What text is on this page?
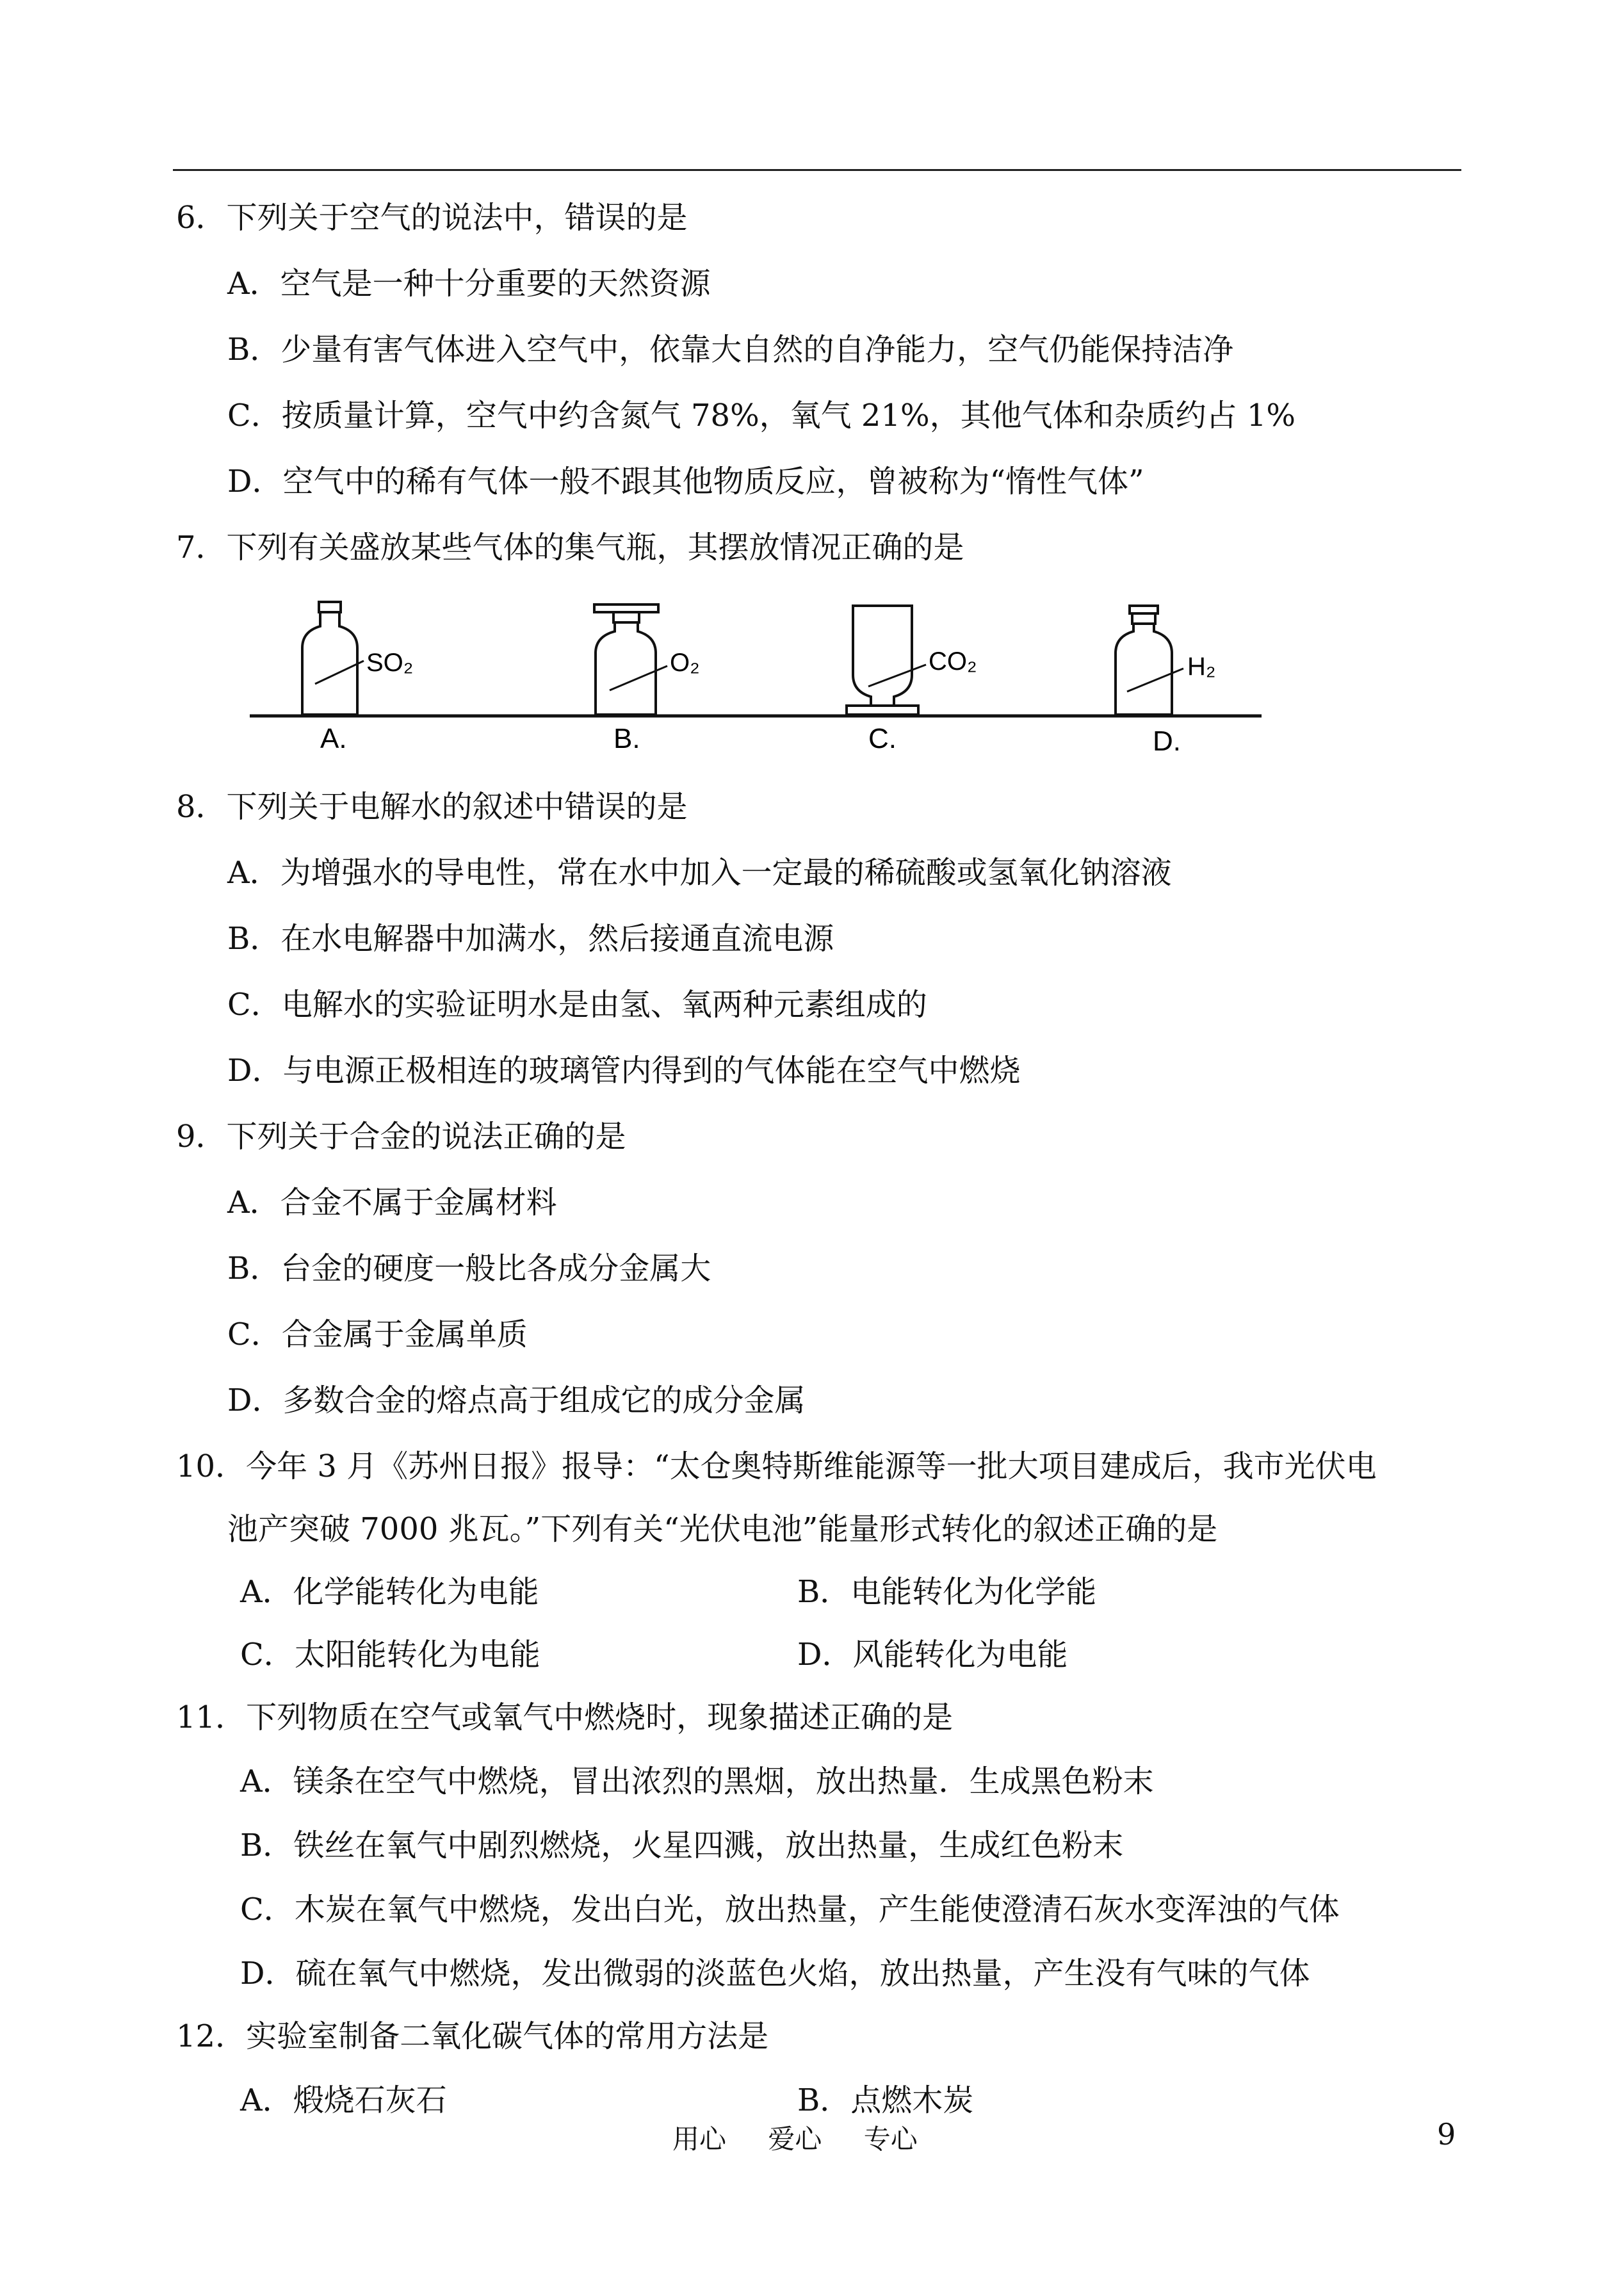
6．下列关于空气的说法中，错误的是
A．空气是一种十分重要的天然资源
B．少量有害气体进入空气中，依靠大自然的自净能力，空气仍能保持洁净
C．按质量计算，空气中约含氮气 78%，氧气 21%，其他气体和杂质约占 1%
D．空气中的稀有气体一般不跟其他物质反应，曾被称为“惰性气体”
7．下列有关盛放某些气体的集气瓶，其摆放情况正确的是
SO₂
A.
O₂
B.
CO₂
C.
H₂
D.
8．下列关于电解水的叙述中错误的是
A．为增强水的导电性，常在水中加入一定最的稀硫酸或氢氧化钠溶液
B．在水电解器中加满水，然后接通直流电源
C．电解水的实验证明水是由氢、氧两种元素组成的
D．与电源正极相连的玻璃管内得到的气体能在空气中燃烧
9．下列关于合金的说法正确的是
A．合金不属于金属材料
B．台金的硬度一般比各成分金属大
C．合金属于金属单质
D．多数合金的熔点高于组成它的成分金属
10．今年 3 月《苏州日报》报导：“太仓奥特斯维能源等一批大项目建成后，我市光伏电
池产突破 7000 兆瓦。”下列有关“光伏电池”能量形式转化的叙述正确的是
A．化学能转化为电能	B．电能转化为化学能
C．太阳能转化为电能	D．风能转化为电能
11．下列物质在空气或氧气中燃烧时，现象描述正确的是
A．镁条在空气中燃烧，冒出浓烈的黑烟，放出热量．生成黑色粉末
B．铁丝在氧气中剧烈燃烧，火星四溅，放出热量，生成红色粉末
C．木炭在氧气中燃烧，发出白光，放出热量，产生能使澄清石灰水变浑浊的气体
D．硫在氧气中燃烧，发出微弱的淡蓝色火焰，放出热量，产生没有气味的气体
12．实验室制备二氧化碳气体的常用方法是
A．煅烧石灰石	B．点燃木炭
用心 爱心 专心	9
